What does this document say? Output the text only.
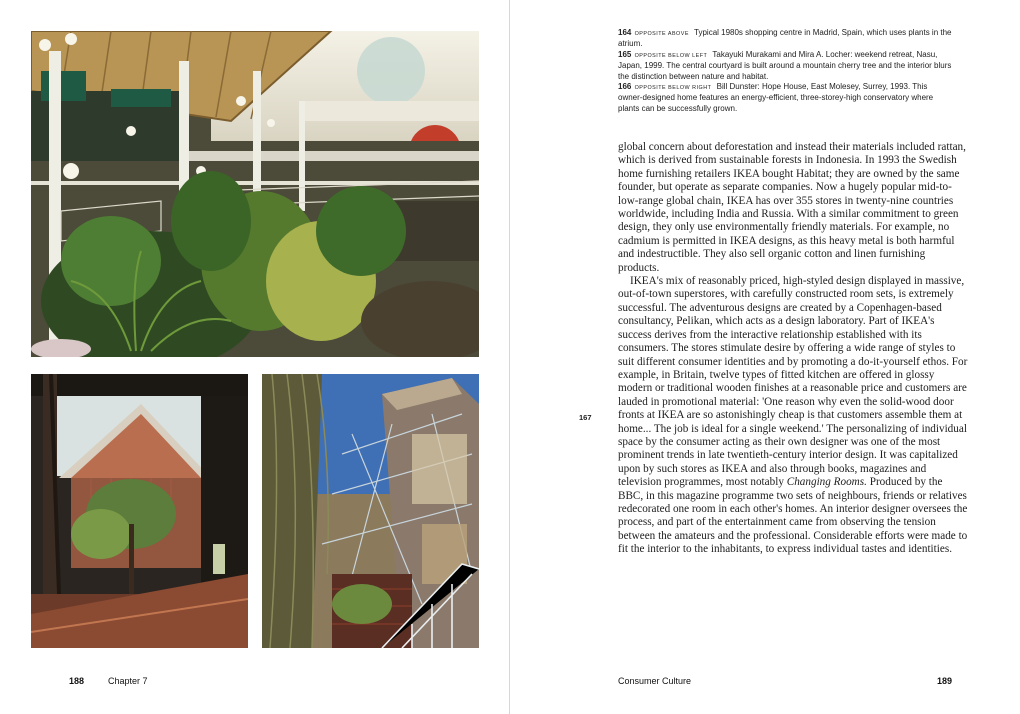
188	Chapter 7

164 OPPOSITE ABOVE Typical 1980s shopping centre in Madrid, Spain, which uses plants in the atrium.

165 OPPOSITE BELOW LEFT Takayuki Murakami and Mira A. Locher: weekend retreat, Nasu, Japan, 1999. The central courtyard is built around a mountain cherry tree and the interior blurs the distinction between nature and habitat.

166 OPPOSITE BELOW RIGHT Bill Dunster: Hope House, East Molesey, Surrey, 1993. This owner-designed home features an energy-efficient, three-storey-high conservatory where plants can be successfully grown.

167

global concern about deforestation and instead their materials included rattan, which is derived from sustainable forests in Indonesia. In 1993 the Swedish home furnishing retailers IKEA bought Habitat; they are owned by the same founder, but operate as separate companies. Now a hugely popular mid-to-low-range global chain, IKEA has over 355 stores in twenty-nine countries worldwide, including India and Russia. With a similar commitment to green design, they only use environmentally friendly materials. For example, no cadmium is permitted in IKEA designs, as this heavy metal is both harmful and indestructible. They also sell organic cotton and linen furnishing products.

IKEA's mix of reasonably priced, high-styled design displayed in massive, out-of-town superstores, with carefully constructed room sets, is extremely successful. The adventurous designs are created by a Copenhagen-based consultancy, Pelikan, which acts as a design laboratory. Part of IKEA's success derives from the interactive relationship established with its consumers. The stores stimulate desire by offering a wide range of styles to suit different consumer identities and by promoting a do-it-yourself ethos. For example, in Britain, twelve types of fitted kitchen are offered in glossy modern or traditional wooden finishes at a reasonable price and customers are lauded in promotional material: 'One reason why even the solid-wood door fronts at IKEA are so astonishingly cheap is that customers assemble them at home... The job is ideal for a single weekend.' The personalizing of individual space by the consumer acting as their own designer was one of the most prominent trends in late twentieth-century interior design. It was capitalized upon by such stores as IKEA and also through books, magazines and television programmes, most notably Changing Rooms. Produced by the BBC, in this magazine programme two sets of neighbours, friends or relatives redecorated one room in each other's homes. An interior designer oversees the process, and part of the entertainment came from observing the tension between the amateurs and the professional. Considerable efforts were made to fit the interior to the inhabitants, to express individual tastes and identities.

Consumer Culture	189
